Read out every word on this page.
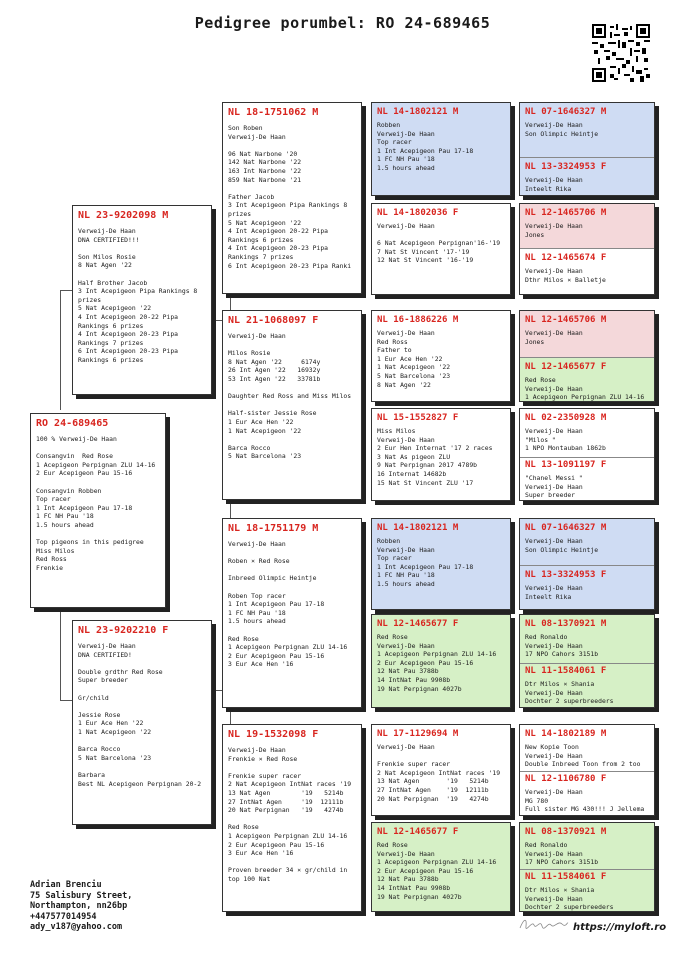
Pedigree porumbel: RO 24-689465
RO 24-689465
100 % Verweij-De Haan

Consangvin  Red Rose
1 Acepigeon Perpignan ZLU 14-16
2 Eur Acepigeon Pau 15-16

Consangvin Robben
Top racer
1 Int Acepigeon Pau 17-18
1 FC NH Pau '18
1.5 hours ahead

Top pigeons in this pedigree
Miss Milos
Red Ross
Frenkie
NL 23-9202098 M
Verweij-De Haan
DNA CERTIFIED!!!

Son Milos Rosie
8 Nat Agen '22

Half Brother Jacob
3 Int Acepigeon Pipa Rankings 8 prizes
5 Nat Acepigeon '22
4 Int Acepigeon 20-22 Pipa Rankings 6 prizes
4 Int Acepigeon 20-23 Pipa Rankings 7 prizes
6 Int Acepigeon 20-23 Pipa Rankings 6 prizes
NL 23-9202210 F
Verweij-De Haan
DNA CERTIFIED!

Double grdthr Red Rose
Super breeder

Gr/child

Jessie Rose
1 Eur Ace Hen '22
1 Nat Acepigeon '22

Barca Rocco
5 Nat Barcelona '23

Barbara
Best NL Acepigeon Perpignan 20-2
NL 18-1751062 M
Son Roben
Verweij-De Haan

96 Nat Narbone '20
142 Nat Narbone '22
163 Int Narbone '22
859 Nat Narbone '21

Father Jacob
3 Int Acepigeon Pipa Rankings 8 prizes
5 Nat Acepigeon '22
4 Int Acepigeon 20-22 Pipa Rankings 6 prizes
4 Int Acepigeon 20-23 Pipa Rankings 7 prizes
6 Int Acepigeon 20-23 Pipa Ranki
NL 21-1068097 F
Verweij-De Haan

Milos Rosie
8 Nat Agen '22     6174y
26 Int Agen '22   16932y
53 Int Agen '22   33781b

Daughter Red Ross and Miss Milos

Half-sister Jessie Rose
1 Eur Ace Hen '22
1 Nat Acepigeon '22

Barca Rocco
5 Nat Barcelona '23
NL 18-1751179 M
Verweij-De Haan

Roben × Red Rose

Inbreed Olimpic Heintje

Roben Top racer
1 Int Acepigeon Pau 17-18
1 FC NH Pau '18
1.5 hours ahead

Red Rose
1 Acepigeon Perpignan ZLU 14-16
2 Eur Acepigeon Pau 15-16
3 Eur Ace Hen '16
NL 19-1532098 F
Verweij-De Haan
Frenkie × Red Rose

Frenkie super racer
2 Nat Acepigeon IntNat races '19
13 Nat Agen        '19   5214b
27 IntNat Agen     '19  12111b
20 Nat Perpignan   '19   4274b

Red Rose
1 Acepigeon Perpignan ZLU 14-16
2 Eur Acepigeon Pau 15-16
3 Eur Ace Hen '16

Proven breeder 34 × gr/child in top 100 Nat
NL 14-1802121 M
Robben
Verweij-De Haan
Top racer
1 Int Acepigeon Pau 17-18
1 FC NH Pau '18
1.5 hours ahead
NL 14-1802036 F
Verweij-De Haan

6 Nat Acepigeon Perpignan'16-'19
7 Nat St Vincent '17-'19
12 Nat St Vincent '16-'19
NL 16-1886226 M
Verweij-De Haan
Red Ross
Father to
1 Eur Ace Hen '22
1 Nat Acepigeon '22
5 Nat Barcelona '23
8 Nat Agen '22
NL 15-1552827 F
Miss Milos
Verweij-De Haan
2 Eur Hen Internat '17 2 races
3 Nat As pigeon ZLU
9 Nat Perpignan 2017 4789b
16 Internat 14682b
15 Nat St Vincent ZLU '17
NL 14-1802121 M
Robben
Verweij-De Haan
Top racer
1 Int Acepigeon Pau 17-18
1 FC NH Pau '18
1.5 hours ahead
NL 12-1465677 F
Red Rose
Verweij-De Haan
1 Acepigeon Perpignan ZLU 14-16
2 Eur Acepigeon Pau 15-16
12 Nat Pau 3788b
14 IntNat Pau 9908b
19 Nat Perpignan 4027b
NL 17-1129694 M
Verweij-De Haan

Frenkie super racer
2 Nat Acepigeon IntNat races '19
13 Nat Agen       '19   5214b
27 IntNat Agen    '19  12111b
20 Nat Perpignan  '19   4274b
NL 12-1465677 F
Red Rose
Verweij-De Haan
1 Acepigeon Perpignan ZLU 14-16
2 Eur Acepigeon Pau 15-16
12 Nat Pau 3788b
14 IntNat Pau 9908b
19 Nat Perpignan 4027b
NL 07-1646327 M
Verweij-De Haan
Son Olimpic Heintje
NL 13-3324953 F
Verweij-De Haan
Inteelt Rika
NL 12-1465706 M
Verweij-De Haan
Jones
NL 12-1465674 F
Verweij-De Haan
Dthr Milos × Balletje
NL 12-1465706 M
Verweij-De Haan
Jones
NL 12-1465677 F
Red Rose
Verweij-De Haan
1 Acepigeon Perpignan ZLU 14-16
NL 02-2350928 M
Verweij-De Haan
"Milos "
1 NPO Montauban 1862b
NL 13-1091197 F
"Chanel Messi "
Verweij-De Haan
Super breeder
NL 07-1646327 M
Verweij-De Haan
Son Olimpic Heintje
NL 13-3324953 F
Verweij-De Haan
Inteelt Rika
NL 08-1370921 M
Red Ronaldo
Verweij-De Haan
17 NPO Cahors 3151b
NL 11-1584061 F
Dtr Milos × Shania
Verweij-De Haan
Dochter 2 superbreeders
NL 14-1802189 M
New Kopie Toon
Verweij-De Haan
Double Inbreed Toon from 2 too
NL 12-1106780 F
Verweij-De Haan
MG 780
Full sister MG 430!!! J Jellema
NL 08-1370921 M
Red Ronaldo
Verweij-De Haan
17 NPO Cahors 3151b
NL 11-1584061 F
Dtr Milos × Shania
Verweij-De Haan
Dochter 2 superbreeders
Adrian Brenciu
75 Salisbury Street,
Northampton, nn26bp
+447577014954
ady_v187@yahoo.com	https://myloft.ro
